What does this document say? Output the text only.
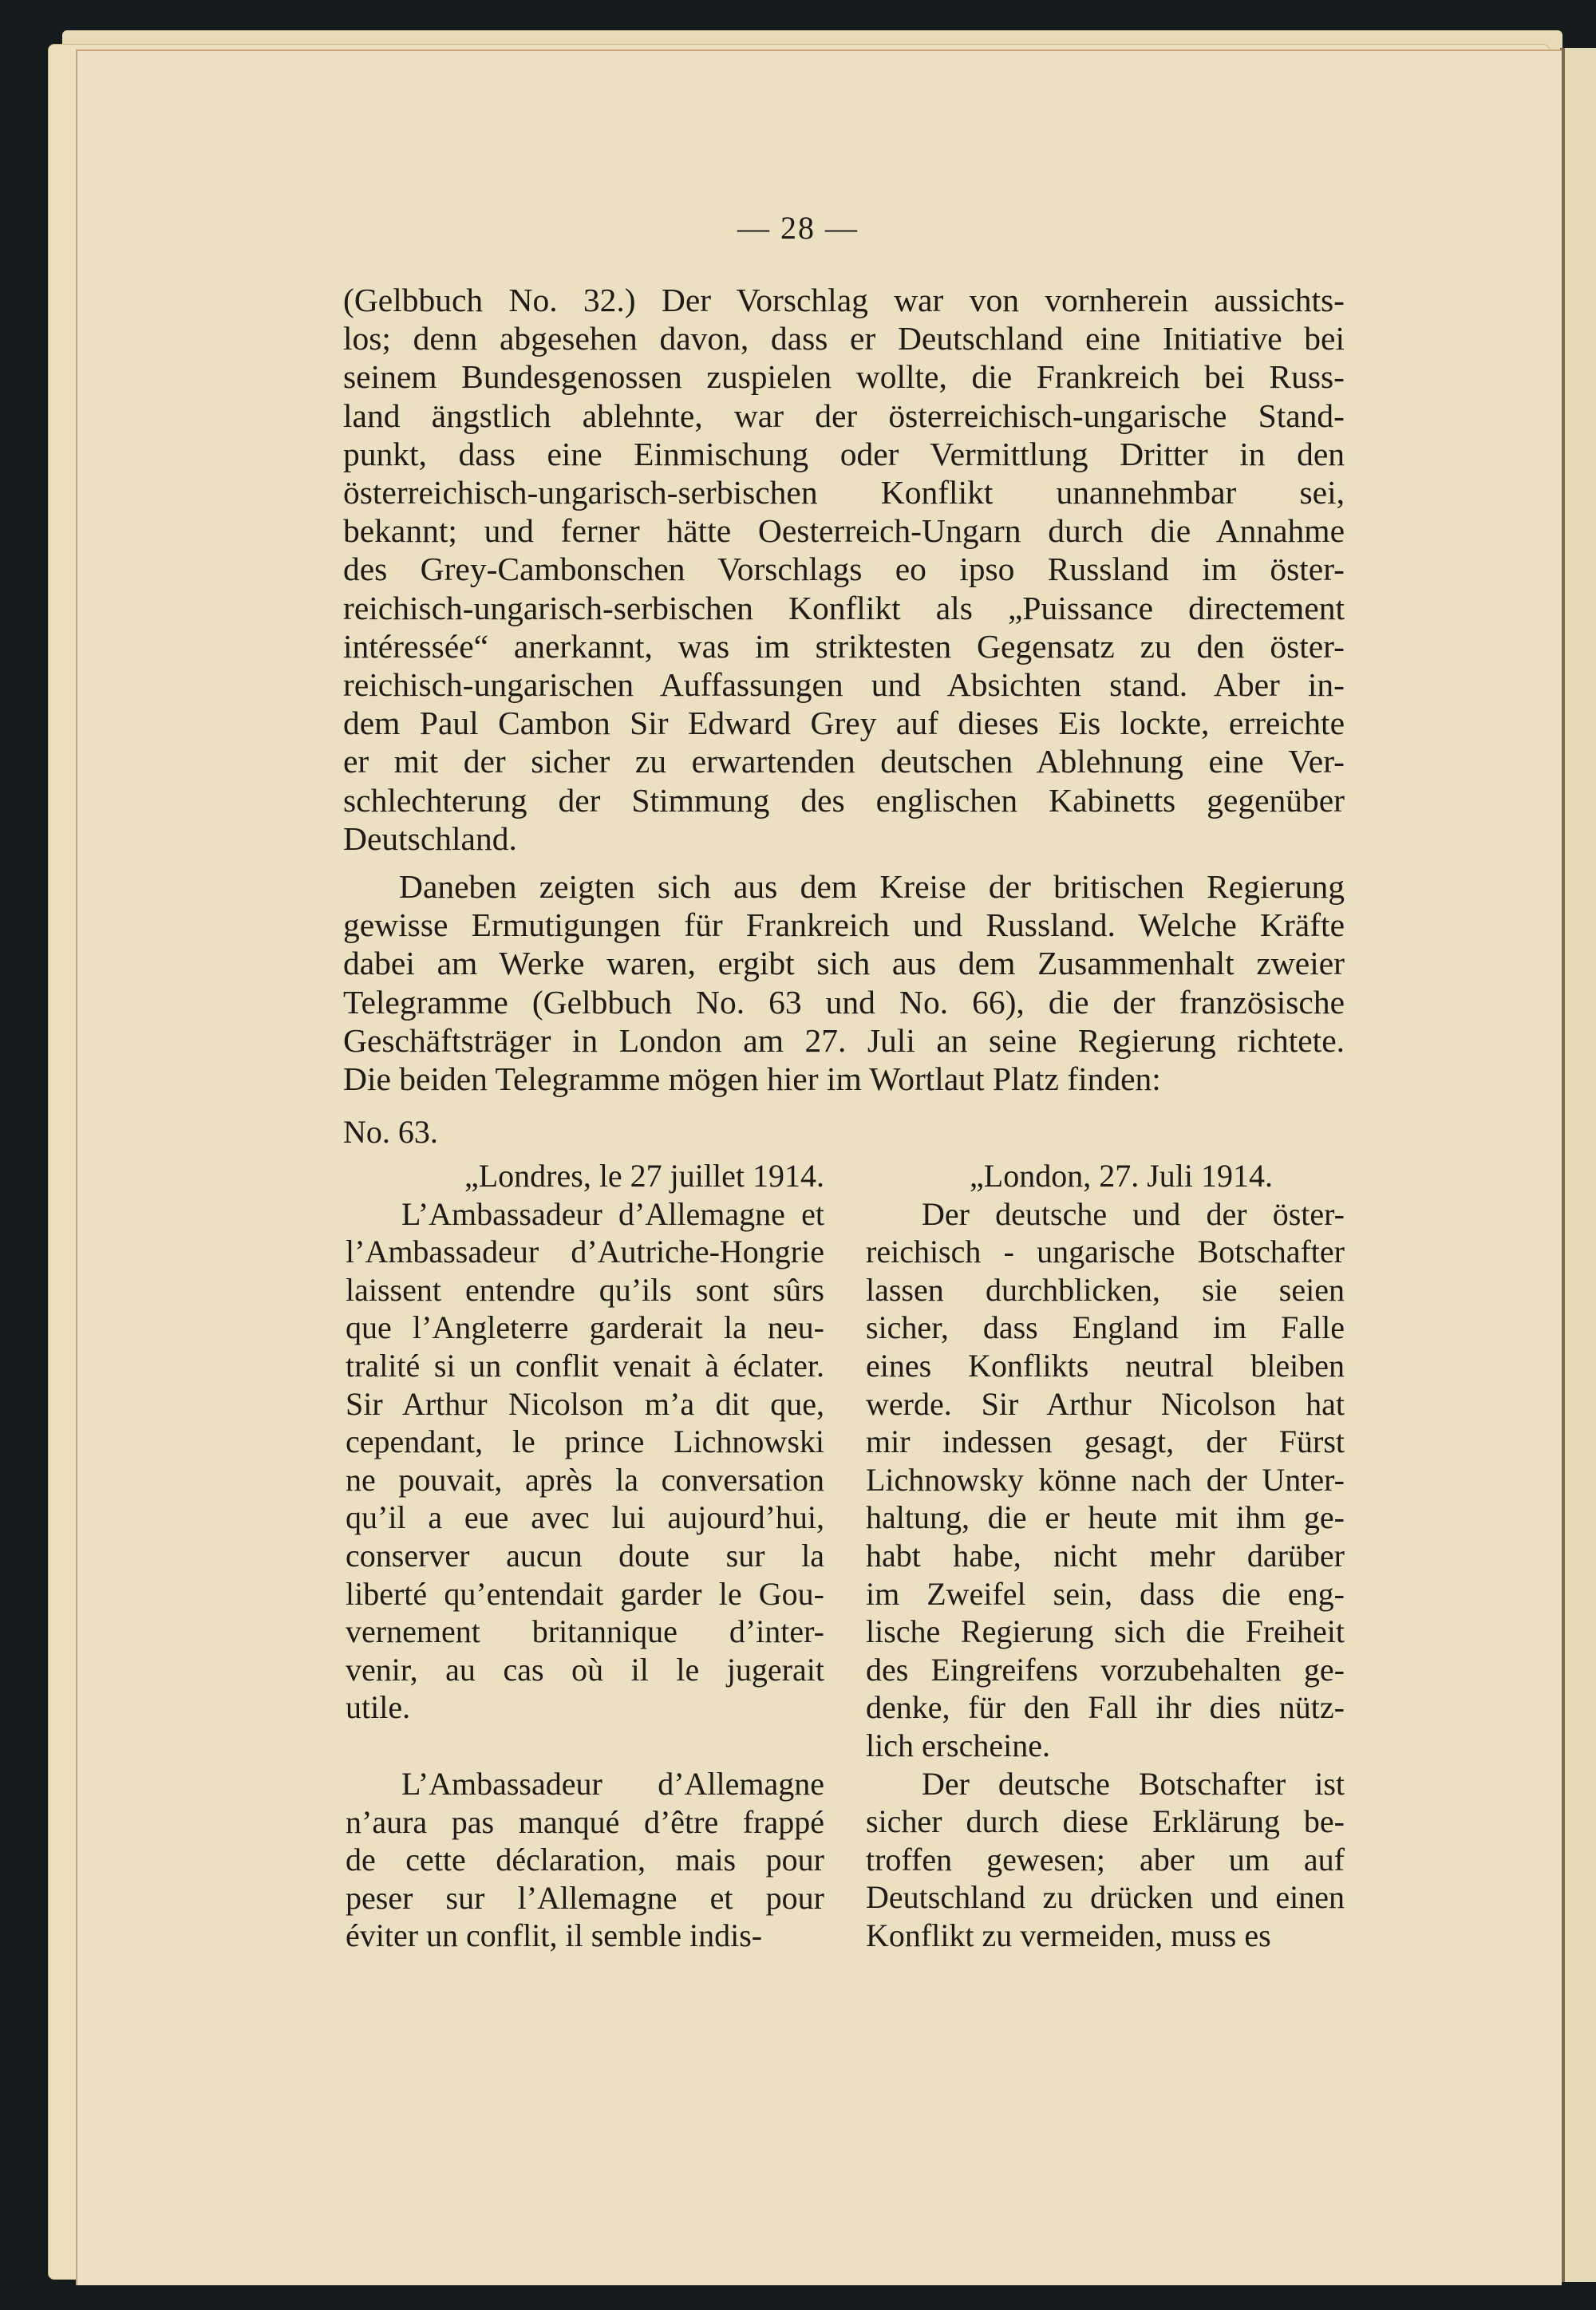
— 28 —
(Gelbbuch No. 32.) Der Vorschlag war von vornherein aussichts-
los; denn abgesehen davon, dass er Deutschland eine Initiative bei
seinem Bundesgenossen zuspielen wollte, die Frankreich bei Russ-
land ängstlich ablehnte, war der österreichisch-ungarische Stand-
punkt, dass eine Einmischung oder Vermittlung Dritter in den
österreichisch-ungarisch-serbischen Konflikt unannehmbar sei,
bekannt; und ferner hätte Oesterreich-Ungarn durch die Annahme
des Grey-Cambonschen Vorschlags eo ipso Russland im öster-
reichisch-ungarisch-serbischen Konflikt als „Puissance directement
intéressée“ anerkannt, was im striktesten Gegensatz zu den öster-
reichisch-ungarischen Auffassungen und Absichten stand. Aber in-
dem Paul Cambon Sir Edward Grey auf dieses Eis lockte, erreichte
er mit der sicher zu erwartenden deutschen Ablehnung eine Ver-
schlechterung der Stimmung des englischen Kabinetts gegenüber
Deutschland.
Daneben zeigten sich aus dem Kreise der britischen Regierung
gewisse Ermutigungen für Frankreich und Russland. Welche Kräfte
dabei am Werke waren, ergibt sich aus dem Zusammenhalt zweier
Telegramme (Gelbbuch No. 63 und No. 66), die der französische
Geschäftsträger in London am 27. Juli an seine Regierung richtete.
Die beiden Telegramme mögen hier im Wortlaut Platz finden:
No. 63.
„Londres, le 27 juillet 1914.
L’Ambassadeur d’Allemagne et
l’Ambassadeur d’Autriche-Hongrie
laissent entendre qu’ils sont sûrs
que l’Angleterre garderait la neu-
tralité si un conflit venait à éclater.
Sir Arthur Nicolson m’a dit que,
cependant, le prince Lichnowski
ne pouvait, après la conversation
qu’il a eue avec lui aujourd’hui,
conserver aucun doute sur la
liberté qu’entendait garder le Gou-
vernement britannique d’inter-
venir, au cas où il le jugerait
utile.
L’Ambassadeur d’Allemagne
n’aura pas manqué d’être frappé
de cette déclaration, mais pour
peser sur l’Allemagne et pour
éviter un conflit, il semble indis-
„London, 27. Juli 1914.
Der deutsche und der öster-
reichisch - ungarische Botschafter
lassen durchblicken, sie seien
sicher, dass England im Falle
eines Konflikts neutral bleiben
werde. Sir Arthur Nicolson hat
mir indessen gesagt, der Fürst
Lichnowsky könne nach der Unter-
haltung, die er heute mit ihm ge-
habt habe, nicht mehr darüber
im Zweifel sein, dass die eng-
lische Regierung sich die Freiheit
des Eingreifens vorzubehalten ge-
denke, für den Fall ihr dies nütz-
lich erscheine.
Der deutsche Botschafter ist
sicher durch diese Erklärung be-
troffen gewesen; aber um auf
Deutschland zu drücken und einen
Konflikt zu vermeiden, muss es
